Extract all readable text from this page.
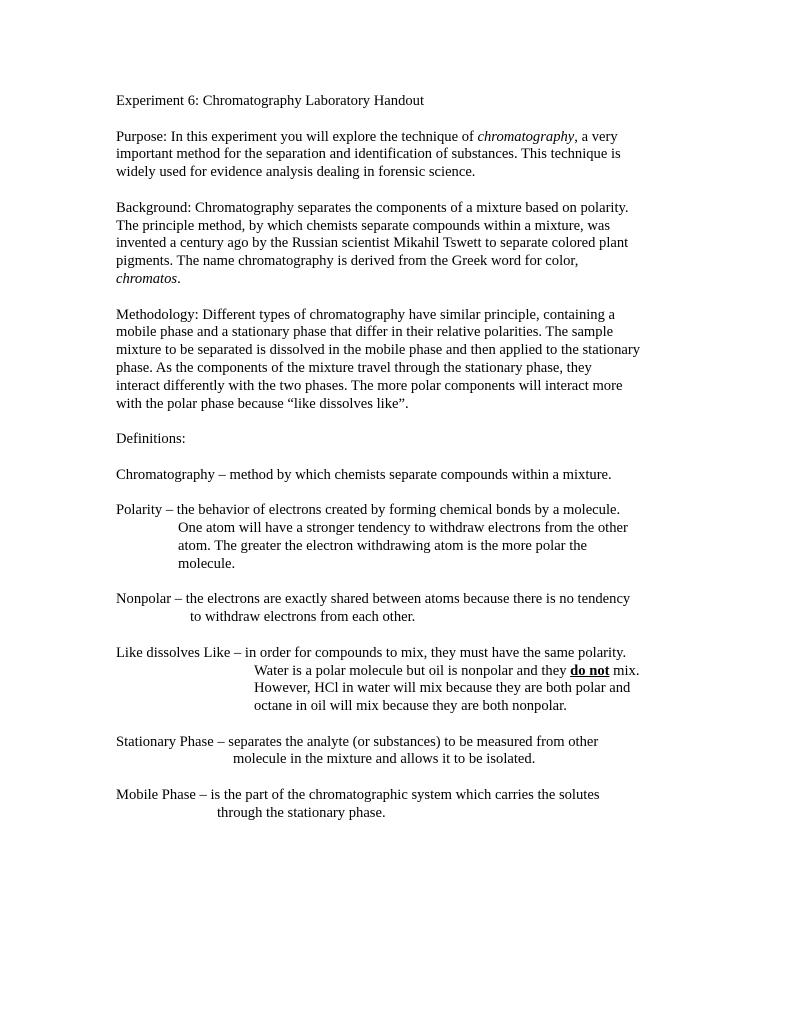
Experiment 6: Chromatography Laboratory Handout

Purpose: In this experiment you will explore the technique of chromatography, a very

important method for the separation and identification of substances. This technique is

widely used for evidence analysis dealing in forensic science.

Background: Chromatography separates the components of a mixture based on polarity.

The principle method, by which chemists separate compounds within a mixture, was

invented a century ago by the Russian scientist Mikahil Tswett to separate colored plant

pigments. The name chromatography is derived from the Greek word for color,

chromatos.

Methodology: Different types of chromatography have similar principle, containing a

mobile phase and a stationary phase that differ in their relative polarities. The sample

mixture to be separated is dissolved in the mobile phase and then applied to the stationary

phase. As the components of the mixture travel through the stationary phase, they

interact differently with the two phases. The more polar components will interact more

with the polar phase because “like dissolves like”.

Definitions:

Chromatography – method by which chemists separate compounds within a mixture.

Polarity – the behavior of electrons created by forming chemical bonds by a molecule.

One atom will have a stronger tendency to withdraw electrons from the other

atom. The greater the electron withdrawing atom is the more polar the

molecule.

Nonpolar – the electrons are exactly shared between atoms because there is no tendency

to withdraw electrons from each other.

Like dissolves Like – in order for compounds to mix, they must have the same polarity.

Water is a polar molecule but oil is nonpolar and they do not mix.

However, HCl in water will mix because they are both polar and

octane in oil will mix because they are both nonpolar.

Stationary Phase – separates the analyte (or substances) to be measured from other

molecule in the mixture and allows it to be isolated.

Mobile Phase – is the part of the chromatographic system which carries the solutes

through the stationary phase.
